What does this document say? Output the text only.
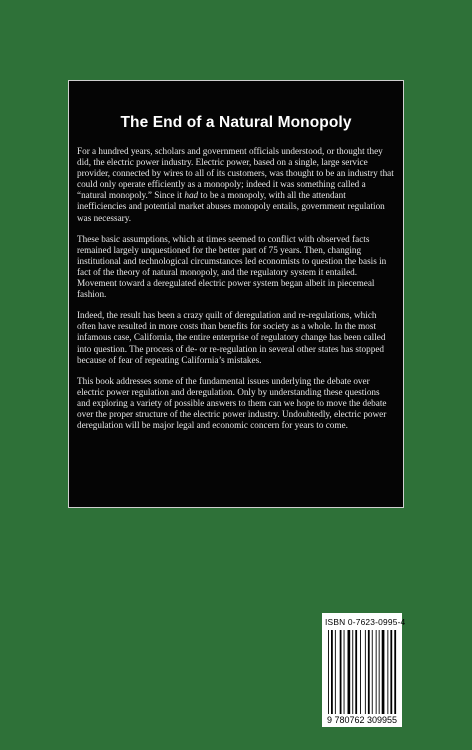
The End of a Natural Monopoly

For a hundred years, scholars and government officials understood, or thought they did, the electric power industry. Electric power, based on a single, large service provider, connected by wires to all of its customers, was thought to be an industry that could only operate efficiently as a monopoly; indeed it was something called a “natural monopoly.” Since it had to be a monopoly, with all the attendant inefficiencies and potential market abuses monopoly entails, government regulation was necessary.

These basic assumptions, which at times seemed to conflict with observed facts remained largely unquestioned for the better part of 75 years. Then, changing institutional and technological circumstances led economists to question the basis in fact of the theory of natural monopoly, and the regulatory system it entailed. Movement toward a deregulated electric power system began albeit in piecemeal fashion.

Indeed, the result has been a crazy quilt of deregulation and re-regulations, which often have resulted in more costs than benefits for society as a whole. In the most infamous case, California, the entire enterprise of regulatory change has been called into question. The process of de- or re-regulation in several other states has stopped because of fear of repeating California’s mistakes.

This book addresses some of the fundamental issues underlying the debate over electric power regulation and deregulation. Only by understanding these questions and exploring a variety of possible answers to them can we hope to move the debate over the proper structure of the electric power industry. Undoubtedly, electric power deregulation will be major legal and economic concern for years to come.

ISBN 0-7623-0995-4
9 780762 309955
